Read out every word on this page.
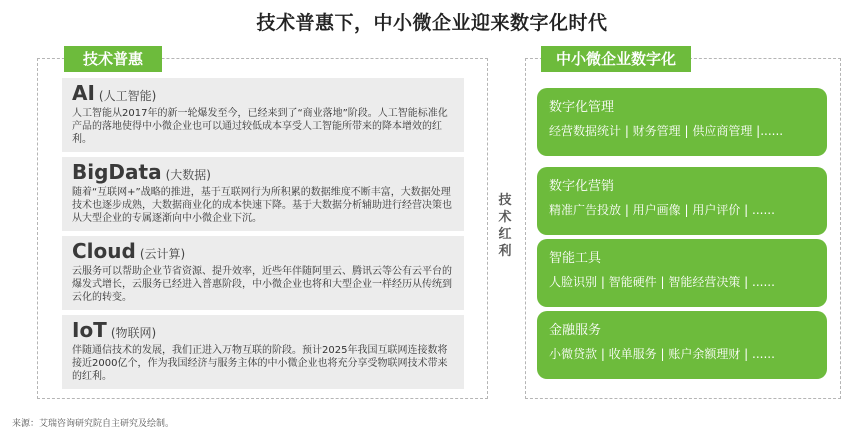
技术普惠下，中小微企业迎来数字化时代
技术普惠	中小微企业数字化
AI (人工智能)
人工智能从2017年的新一轮爆发至今，已经来到了“商业落地”阶段。人工智能标准化产品的落地使得中小微企业也可以通过较低成本享受人工智能所带来的降本增效的红利。
BigData (大数据)
随着“互联网+”战略的推进，基于互联网行为所积累的数据维度不断丰富，大数据处理技术也逐步成熟，大数据商业化的成本快速下降。基于大数据分析辅助进行经营决策也从大型企业的专属逐渐向中小微企业下沉。
Cloud (云计算)
云服务可以帮助企业节省资源、提升效率，近些年伴随阿里云、腾讯云等公有云平台的爆发式增长，云服务已经进入普惠阶段，中小微企业也将和大型企业一样经历从传统到云化的转变。
IoT (物联网)
伴随通信技术的发展，我们正进入万物互联的阶段。预计2025年我国互联网连接数将接近2000亿个，作为我国经济与服务主体的中小微企业也将充分享受物联网技术带来的红利。
技
术
红
利
数字化管理
经营数据统计 | 财务管理 | 供应商管理 |......
数字化营销
精准广告投放 | 用户画像 | 用户评价 | ......
智能工具
人脸识别 | 智能硬件 | 智能经营决策 | ......
金融服务
小微贷款 | 收单服务 | 账户余额理财 | ......
来源：艾瑞咨询研究院自主研究及绘制。
